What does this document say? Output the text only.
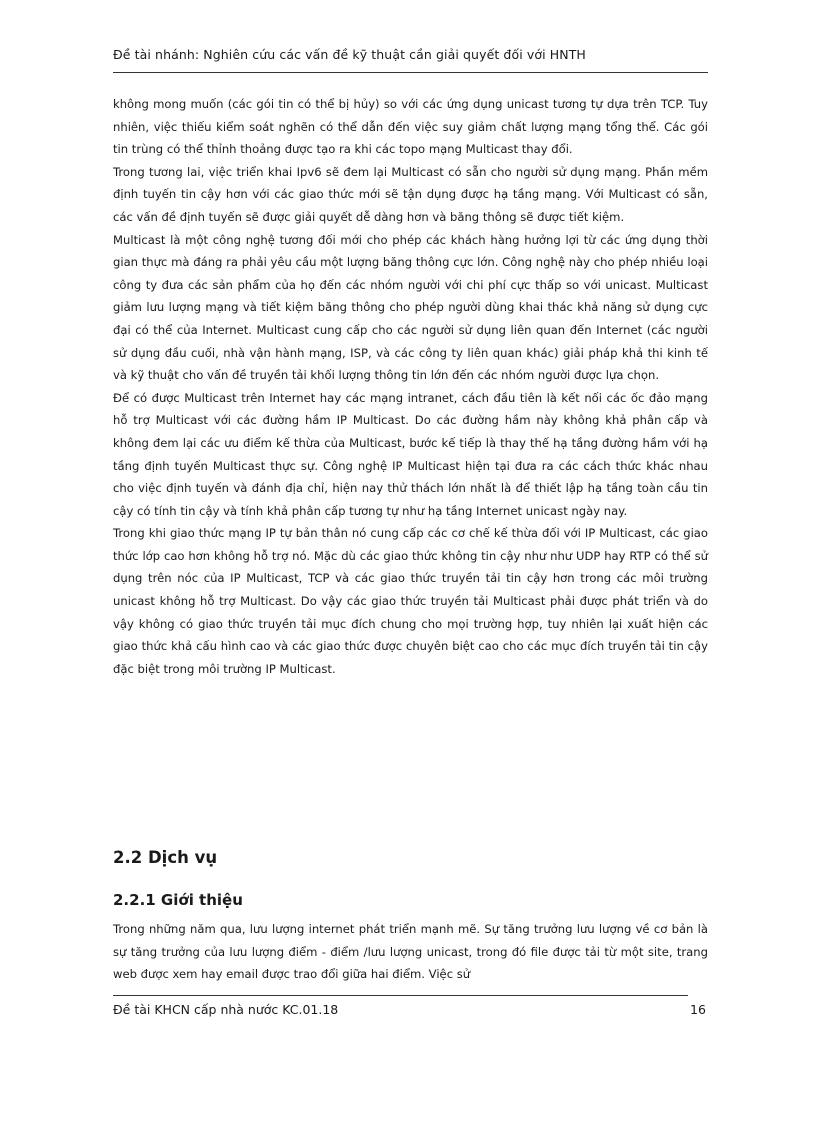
Đề tài nhánh: Nghiên cứu các vấn đề kỹ thuật cần giải quyết đối với HNTH

không mong muốn (các gói tin có thể bị hủy) so với các ứng dụng unicast tương tự dựa trên TCP. Tuy nhiên, việc thiếu kiểm soát nghẽn có thể dẫn đến việc suy giảm chất lượng mạng tổng thể. Các gói tin trùng có thể thỉnh thoảng được tạo ra khi các topo mạng Multicast thay đổi.

Trong tương lai, việc triển khai Ipv6 sẽ đem lại Multicast có sẵn cho người sử dụng mạng. Phần mềm định tuyến tin cậy hơn với các giao thức mới sẽ tận dụng được hạ tầng mạng. Với Multicast có sẵn, các vấn đề định tuyến sẽ được giải quyết dễ dàng hơn và băng thông sẽ được tiết kiệm.

Multicast là một công nghệ tương đối mới cho phép các khách hàng hưởng lợi từ các ứng dụng thời gian thực mà đáng ra phải yêu cầu một lượng băng thông cực lớn. Công nghệ này cho phép nhiều loại công ty đưa các sản phẩm của họ đến các nhóm người với chi phí cực thấp so với unicast. Multicast giảm lưu lượng mạng và tiết kiệm băng thông cho phép người dùng khai thác khả năng sử dụng cực đại có thể của Internet. Multicast cung cấp cho các người sử dụng liên quan đến Internet (các người sử dụng đầu cuối, nhà vận hành mạng, ISP, và các công ty liên quan khác) giải pháp khả thi kinh tế và kỹ thuật cho vấn đề truyền tải khối lượng thông tin lớn đến các nhóm người được lựa chọn.

Để có được Multicast trên Internet hay các mạng intranet, cách đầu tiên là kết nối các ốc đảo mạng hỗ trợ Multicast với các đường hầm IP Multicast. Do các đường hầm này không khả phân cấp và không đem lại các ưu điểm kế thừa của Multicast, bước kế tiếp là thay thế hạ tầng đường hầm với hạ tầng định tuyến Multicast thực sự. Công nghệ IP Multicast hiện tại đưa ra các cách thức khác nhau cho việc định tuyến và đánh địa chỉ, hiện nay thử thách lớn nhất là để thiết lập hạ tầng toàn cầu tin cậy có tính tin cậy và tính khả phân cấp tương tự như hạ tầng Internet unicast ngày nay.

Trong khi giao thức mạng IP tự bản thân nó cung cấp các cơ chế kế thừa đối với IP Multicast, các giao thức lớp cao hơn không hỗ trợ nó. Mặc dù các giao thức không tin cậy như như UDP hay RTP có thể sử dụng trên nóc của IP Multicast, TCP và các giao thức truyền tải tin cậy hơn trong các môi trường unicast không hỗ trợ Multicast. Do vậy các giao thức truyền tải Multicast phải được phát triển và do vậy không có giao thức truyền tải mục đích chung cho mọi trường hợp, tuy nhiên lại xuất hiện các giao thức khả cấu hình cao và các giao thức được chuyên biệt cao cho các mục đích truyền tải tin cậy đặc biệt trong môi trường IP Multicast.

2.2 Dịch vụ
2.2.1 Giới thiệu

Trong những năm qua, lưu lượng internet phát triển mạnh mẽ. Sự tăng trưởng lưu lượng về cơ bản là sự tăng trưởng của lưu lượng điểm - điểm /lưu lượng unicast, trong đó file được tải từ một site, trang web được xem hay email được trao đổi giữa hai điểm. Việc sử

Đề tài KHCN cấp nhà nước KC.01.18	16
